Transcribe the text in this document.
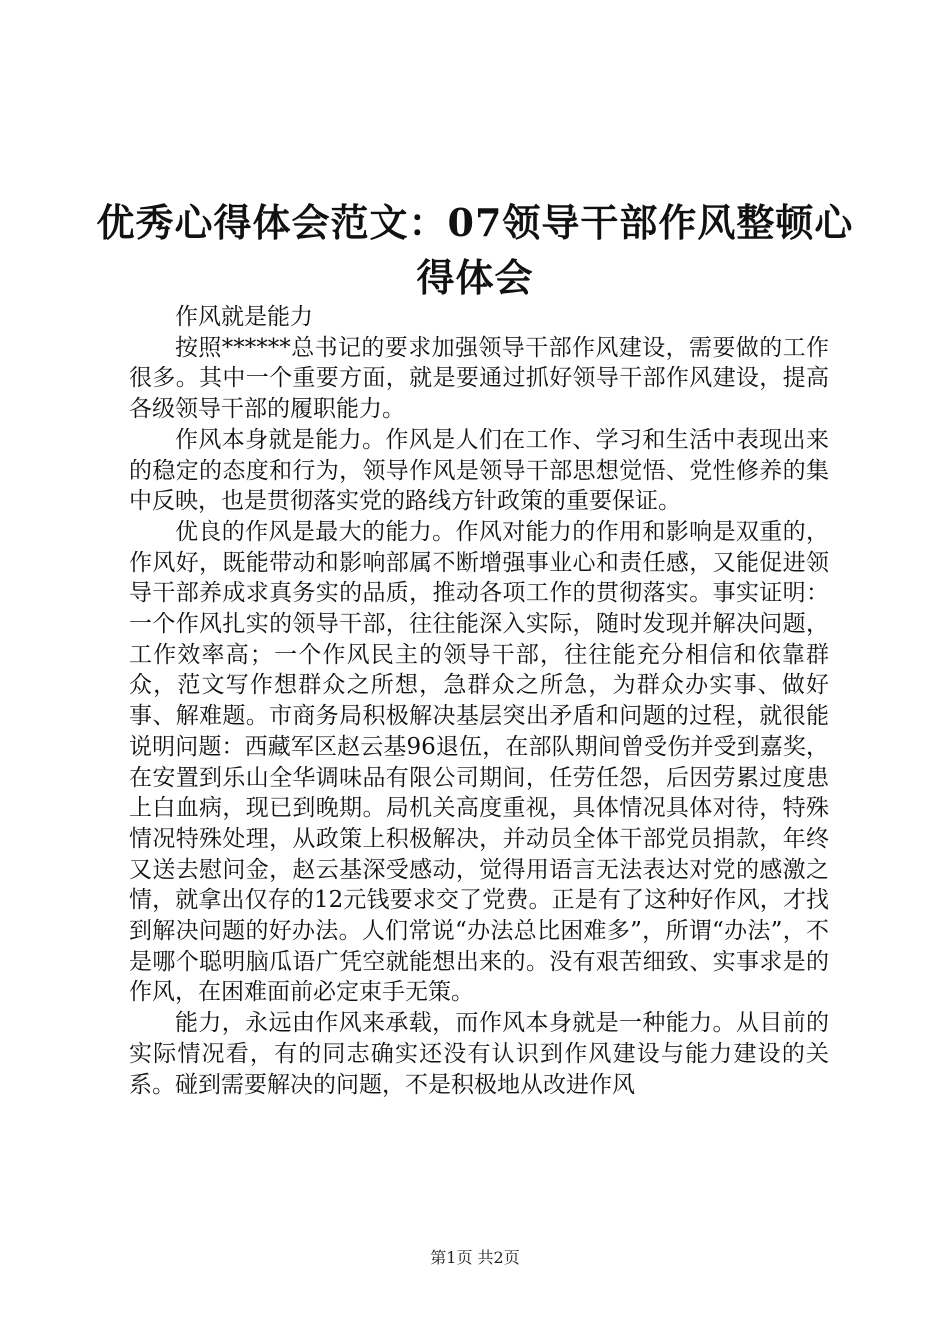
优秀心得体会范文：07领导干部作风整顿心
得体会

作风就是能力

按照******总书记的要求加强领导干部作风建设，需要做的工作很多。其中一个重要方面，就是要通过抓好领导干部作风建设，提高各级领导干部的履职能力。

作风本身就是能力。作风是人们在工作、学习和生活中表现出来的稳定的态度和行为，领导作风是领导干部思想觉悟、党性修养的集中反映，也是贯彻落实党的路线方针政策的重要保证。

优良的作风是最大的能力。作风对能力的作用和影响是双重的，作风好，既能带动和影响部属不断增强事业心和责任感，又能促进领导干部养成求真务实的品质，推动各项工作的贯彻落实。事实证明：一个作风扎实的领导干部，往往能深入实际，随时发现并解决问题，工作效率高；一个作风民主的领导干部，往往能充分相信和依靠群众，范文写作想群众之所想，急群众之所急，为群众办实事、做好事、解难题。市商务局积极解决基层突出矛盾和问题的过程，就很能说明问题：西藏军区赵云基96退伍，在部队期间曾受伤并受到嘉奖，在安置到乐山全华调味品有限公司期间，任劳任怨，后因劳累过度患上白血病，现已到晚期。局机关高度重视，具体情况具体对待，特殊情况特殊处理，从政策上积极解决，并动员全体干部党员捐款，年终又送去慰问金，赵云基深受感动，觉得用语言无法表达对党的感激之情，就拿出仅存的12元钱要求交了党费。正是有了这种好作风，才找到解决问题的好办法。人们常说“办法总比困难多”，所谓“办法”，不是哪个聪明脑瓜语广凭空就能想出来的。没有艰苦细致、实事求是的作风，在困难面前必定束手无策。

能力，永远由作风来承载，而作风本身就是一种能力。从目前的实际情况看，有的同志确实还没有认识到作风建设与能力建设的关系。碰到需要解决的问题，不是积极地从改进作风

第1页 共2页
